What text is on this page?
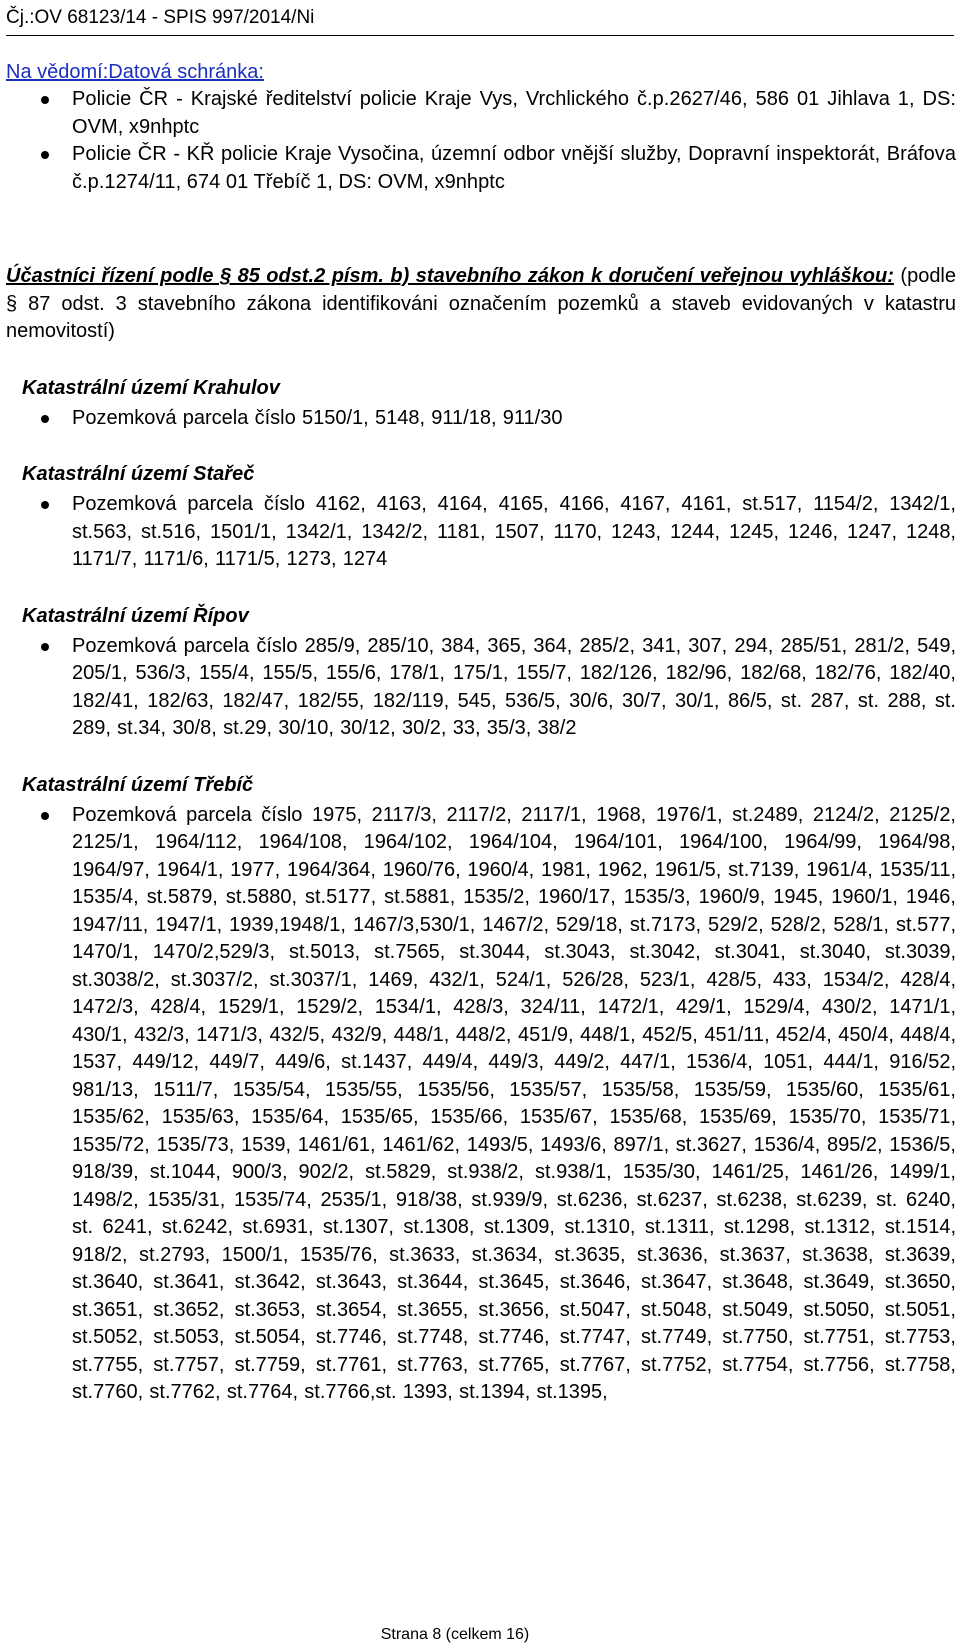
Čj.:OV 68123/14 - SPIS 997/2014/Ni

Na vědomí:Datová schránka:

Policie ČR - Krajské ředitelství policie Kraje Vys, Vrchlického č.p.2627/46, 586 01 Jihlava 1, DS: OVM, x9nhptc
Policie ČR - KŘ policie Kraje Vysočina, územní odbor vnější služby, Dopravní inspektorát, Bráfova č.p.1274/11, 674 01 Třebíč 1, DS: OVM, x9nhptc

Účastníci řízení podle § 85 odst.2 písm. b) stavebního zákon k doručení veřejnou vyhláškou: (podle § 87 odst. 3 stavebního zákona identifikováni označením pozemků a staveb evidovaných v katastru nemovitostí)

Katastrální území Krahulov
Pozemková parcela číslo 5150/1, 5148, 911/18, 911/30
Katastrální území Stařeč
Pozemková parcela číslo 4162, 4163, 4164, 4165, 4166, 4167, 4161, st.517, 1154/2, 1342/1, st.563, st.516, 1501/1, 1342/1, 1342/2, 1181, 1507, 1170, 1243, 1244, 1245, 1246, 1247, 1248, 1171/7, 1171/6, 1171/5, 1273, 1274
Katastrální území Řípov
Pozemková parcela číslo 285/9, 285/10, 384, 365, 364, 285/2, 341, 307, 294, 285/51, 281/2, 549, 205/1, 536/3, 155/4, 155/5, 155/6, 178/1, 175/1, 155/7, 182/126, 182/96, 182/68, 182/76, 182/40, 182/41, 182/63, 182/47, 182/55, 182/119, 545, 536/5, 30/6, 30/7, 30/1, 86/5, st. 287, st. 288, st. 289, st.34, 30/8, st.29, 30/10, 30/12, 30/2, 33, 35/3, 38/2
Katastrální území Třebíč
Pozemková parcela číslo 1975, 2117/3, 2117/2, 2117/1, 1968, 1976/1, st.2489, 2124/2, 2125/2, 2125/1, 1964/112, 1964/108, 1964/102, 1964/104, 1964/101, 1964/100, 1964/99, 1964/98, 1964/97, 1964/1, 1977, 1964/364, 1960/76, 1960/4, 1981, 1962, 1961/5, st.7139, 1961/4, 1535/11, 1535/4, st.5879, st.5880, st.5177, st.5881, 1535/2, 1960/17, 1535/3, 1960/9, 1945, 1960/1, 1946, 1947/11, 1947/1, 1939,1948/1, 1467/3,530/1, 1467/2, 529/18, st.7173, 529/2, 528/2, 528/1, st.577, 1470/1, 1470/2,529/3, st.5013, st.7565, st.3044, st.3043, st.3042, st.3041, st.3040, st.3039, st.3038/2, st.3037/2, st.3037/1, 1469, 432/1, 524/1, 526/28, 523/1, 428/5, 433, 1534/2, 428/4, 1472/3, 428/4, 1529/1, 1529/2, 1534/1, 428/3, 324/11, 1472/1, 429/1, 1529/4, 430/2, 1471/1, 430/1, 432/3, 1471/3, 432/5, 432/9, 448/1, 448/2, 451/9, 448/1, 452/5, 451/11, 452/4, 450/4, 448/4, 1537, 449/12, 449/7, 449/6, st.1437, 449/4, 449/3, 449/2, 447/1, 1536/4, 1051, 444/1, 916/52, 981/13, 1511/7, 1535/54, 1535/55, 1535/56, 1535/57, 1535/58, 1535/59, 1535/60, 1535/61, 1535/62, 1535/63, 1535/64, 1535/65, 1535/66, 1535/67, 1535/68, 1535/69, 1535/70, 1535/71, 1535/72, 1535/73, 1539, 1461/61, 1461/62, 1493/5, 1493/6, 897/1, st.3627, 1536/4, 895/2, 1536/5, 918/39, st.1044, 900/3, 902/2, st.5829, st.938/2, st.938/1, 1535/30, 1461/25, 1461/26, 1499/1, 1498/2, 1535/31, 1535/74, 2535/1, 918/38, st.939/9, st.6236, st.6237, st.6238, st.6239, st. 6240, st. 6241, st.6242, st.6931, st.1307, st.1308, st.1309, st.1310, st.1311, st.1298, st.1312, st.1514, 918/2, st.2793, 1500/1, 1535/76, st.3633, st.3634, st.3635, st.3636, st.3637, st.3638, st.3639, st.3640, st.3641, st.3642, st.3643, st.3644, st.3645, st.3646, st.3647, st.3648, st.3649, st.3650, st.3651, st.3652, st.3653, st.3654, st.3655, st.3656, st.5047, st.5048, st.5049, st.5050, st.5051, st.5052, st.5053, st.5054, st.7746, st.7748, st.7746, st.7747, st.7749, st.7750, st.7751, st.7753, st.7755, st.7757, st.7759, st.7761, st.7763, st.7765, st.7767, st.7752, st.7754, st.7756, st.7758, st.7760, st.7762, st.7764, st.7766,st. 1393, st.1394, st.1395,
Strana 8 (celkem 16)
